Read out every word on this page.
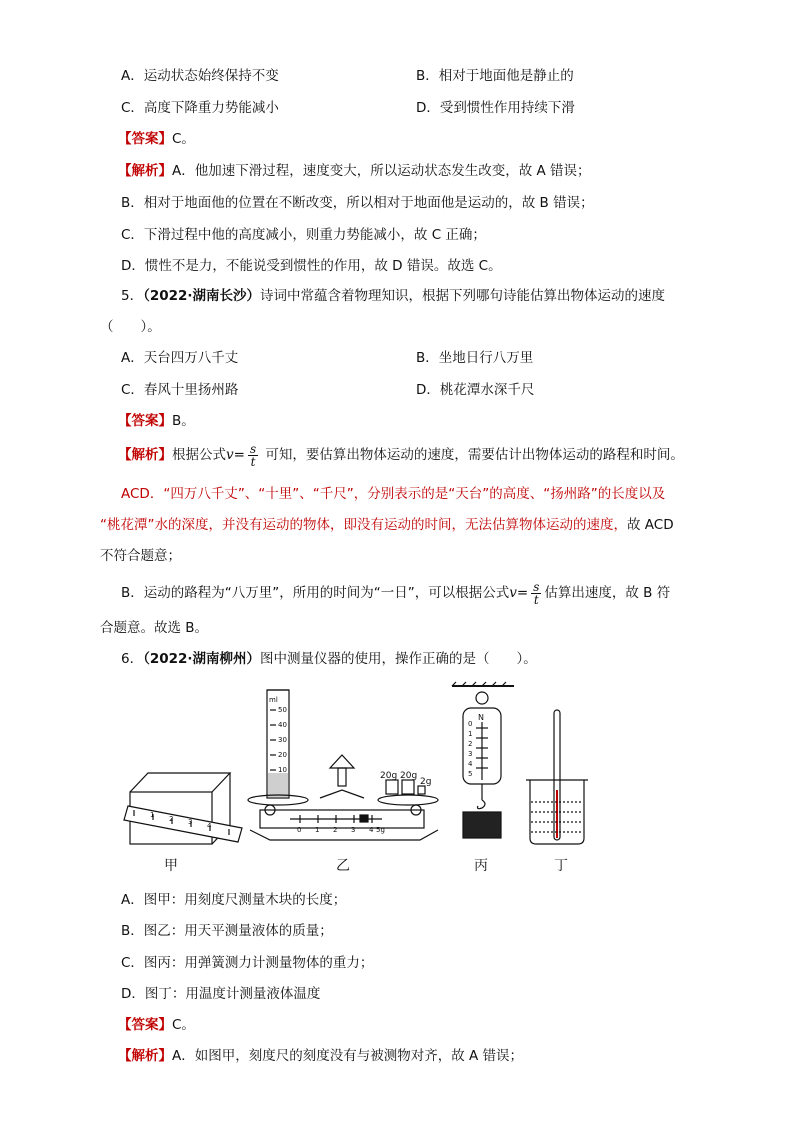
A．运动状态始终保持不变	B．相对于地面他是静止的
C．高度下降重力势能减小	D．受到惯性作用持续下滑
【答案】C。
【解析】A．他加速下滑过程，速度变大，所以运动状态发生改变，故 A 错误；
B．相对于地面他的位置在不断改变，所以相对于地面他是运动的，故 B 错误；
C．下滑过程中他的高度减小，则重力势能减小，故 C 正确；
D．惯性不是力，不能说受到惯性的作用，故 D 错误。故选 C。
5．（2022·湖南长沙）诗词中常蕴含着物理知识，根据下列哪句诗能估算出物体运动的速度
（　　）。
A．天台四万八千丈	B．坐地日行八万里
C．春风十里扬州路	D．桃花潭水深千尺
【答案】B。
【解析】根据公式$v= \frac{s}{t}$ 可知，要估算出物体运动的速度，需要估计出物体运动的路程和时间。
ACD．“四万八千丈”、“十里”、“千尺”，分别表示的是“天台”的高度、“扬州路”的长度以及
“桃花潭”水的深度，并没有运动的物体，即没有运动的时间，无法估算物体运动的速度，故 ACD
不符合题意；
B．运动的路程为“八万里”，所用的时间为“一日”，可以根据公式$v= \frac{s}{t}$ 估算出速度，故 B 符
合题意。故选 B。
6．（2022·湖南柳州）图中测量仪器的使用，操作正确的是（　　）。
ml
50
40
30
20
10
20g 20g
2g
0 1 2 3 4 5g
N
0
1
2
3
4
5
1 2 3 4
甲	乙	丙	丁
A．图甲：用刻度尺测量木块的长度；
B．图乙：用天平测量液体的质量；
C．图丙：用弹簧测力计测量物体的重力；
D．图丁：用温度计测量液体温度
【答案】C。
【解析】A．如图甲，刻度尺的刻度没有与被测物对齐，故 A 错误；
